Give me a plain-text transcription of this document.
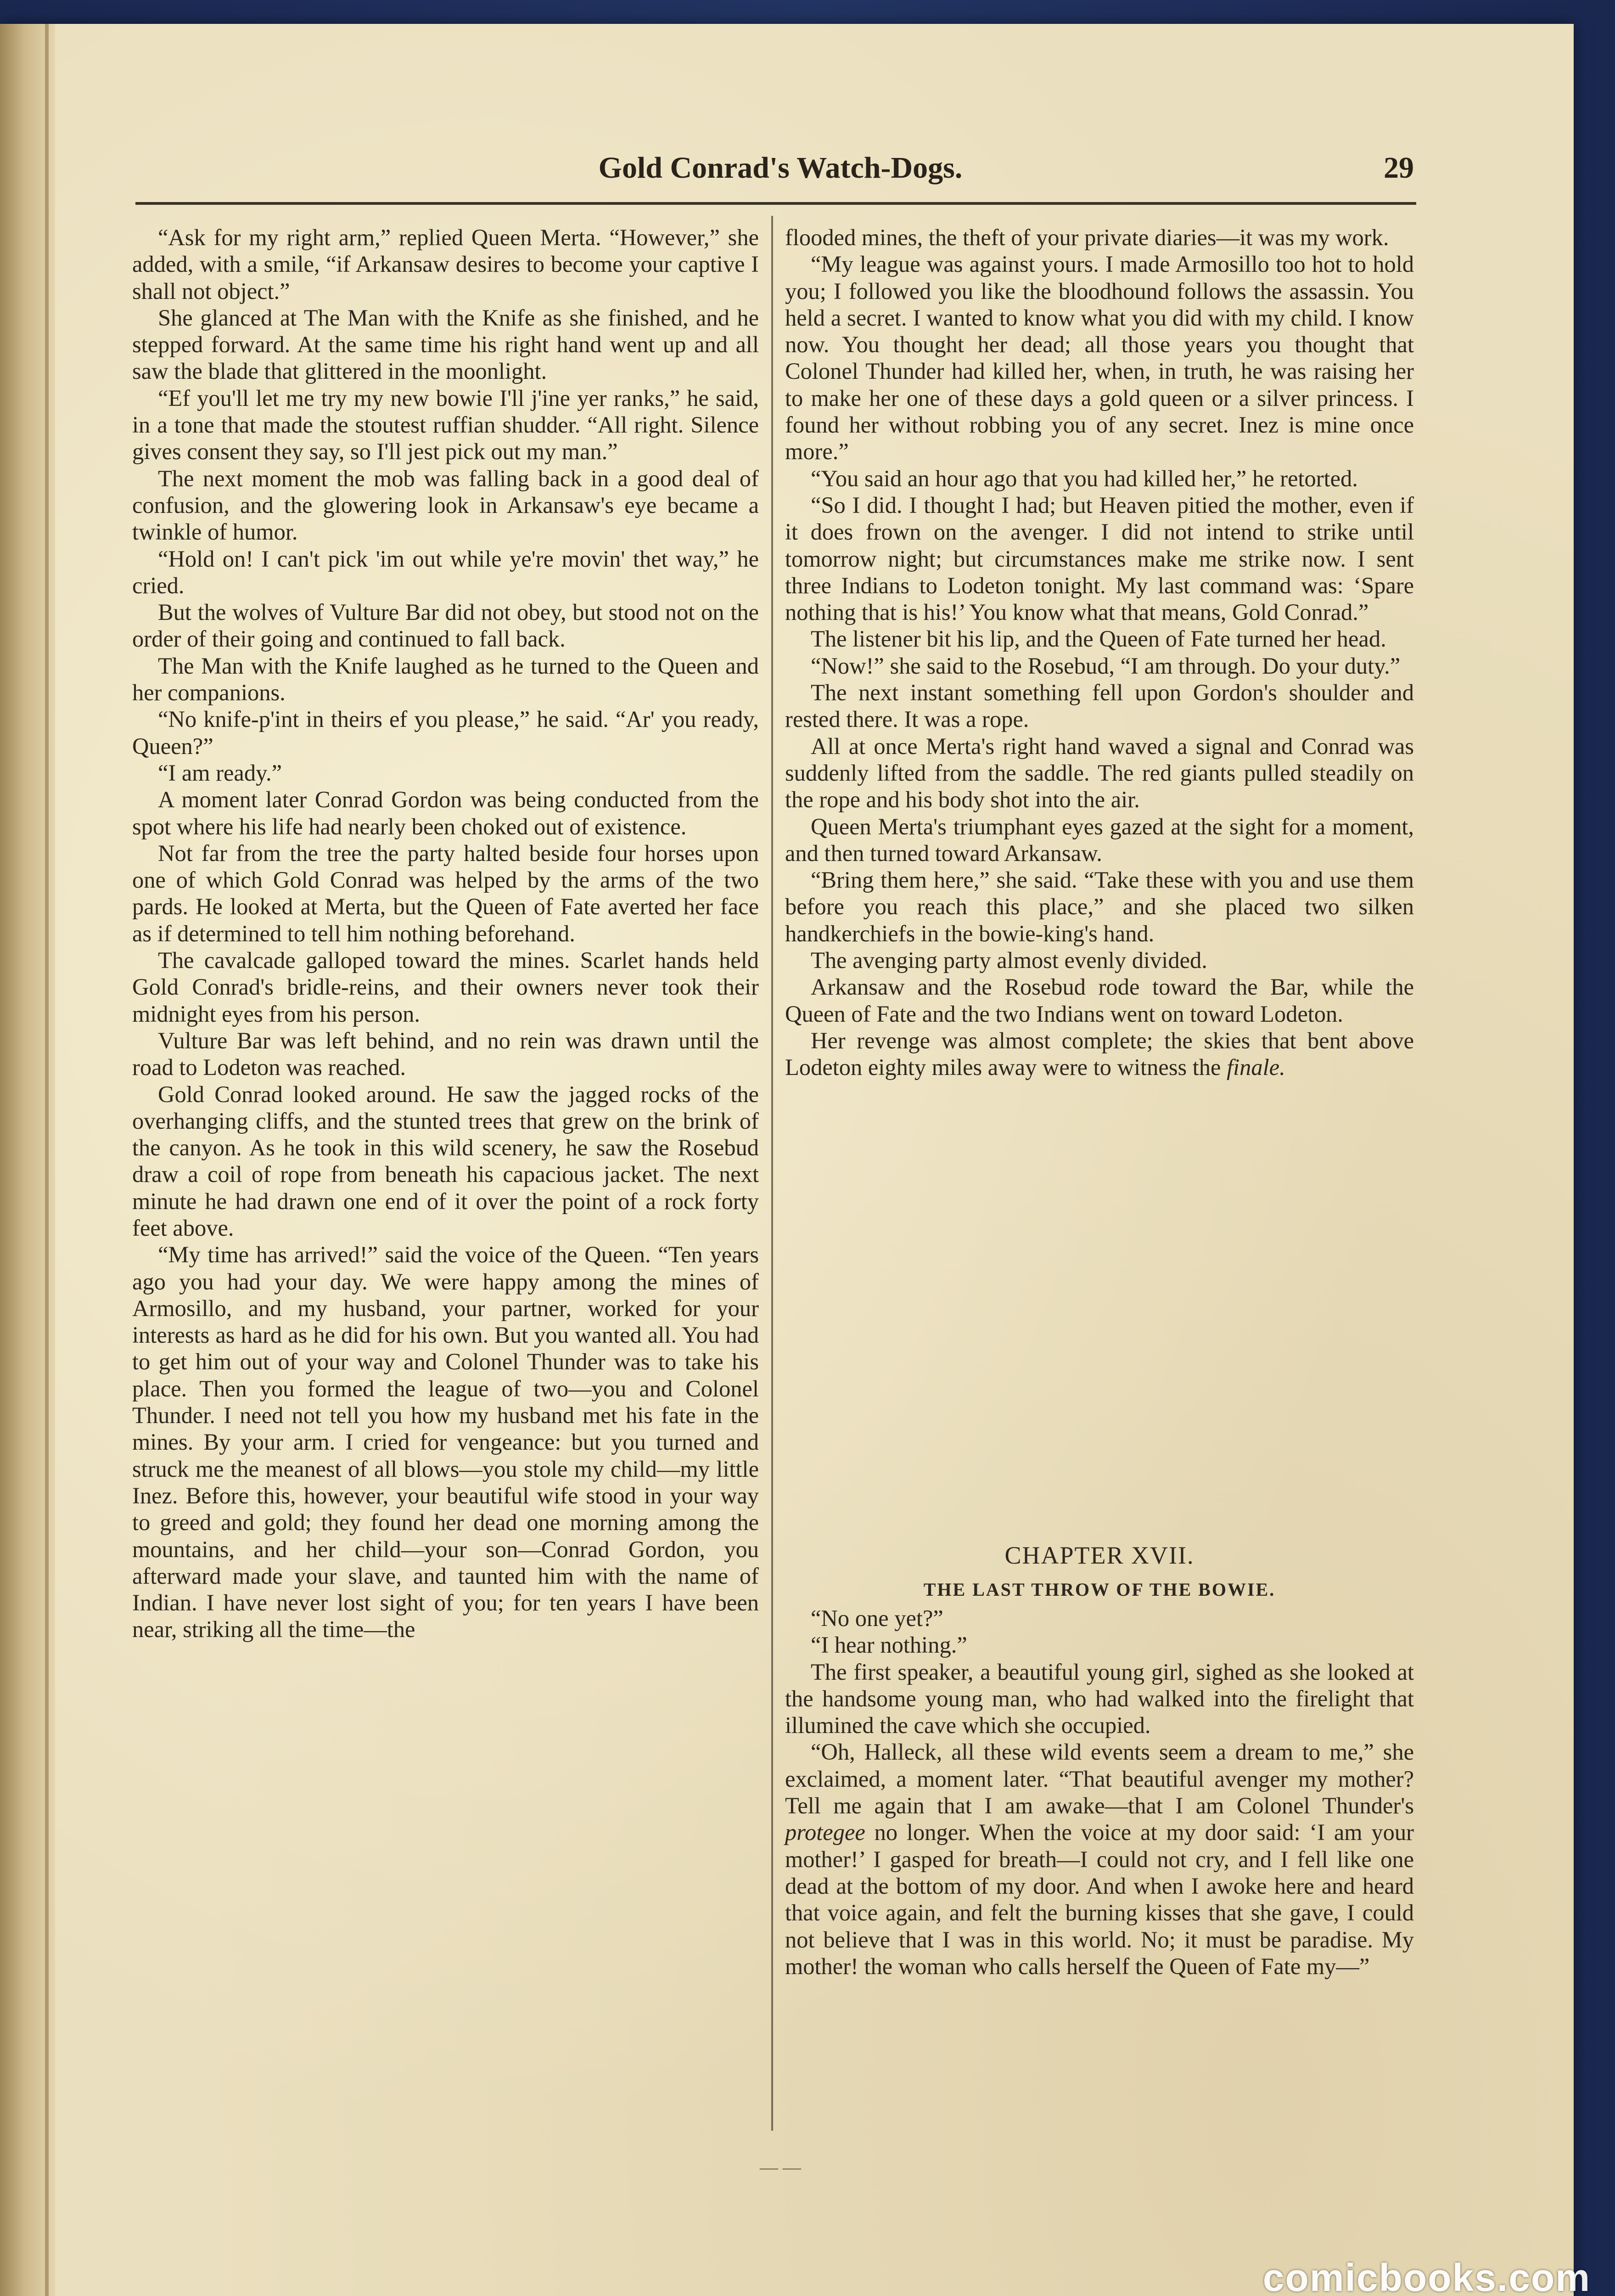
Gold Conrad's Watch-Dogs.	29

“Ask for my right arm,” replied Queen Merta. “However,” she added, with a smile, “if Arkansaw desires to become your captive I shall not object.”

She glanced at The Man with the Knife as she finished, and he stepped forward. At the same time his right hand went up and all saw the blade that glittered in the moonlight.

“Ef you'll let me try my new bowie I'll j'ine yer ranks,” he said, in a tone that made the stoutest ruffian shudder. “All right. Silence gives consent they say, so I'll jest pick out my man.”

The next moment the mob was falling back in a good deal of confusion, and the glowering look in Arkansaw's eye became a twinkle of humor.

“Hold on! I can't pick 'im out while ye're movin' thet way,” he cried.

But the wolves of Vulture Bar did not obey, but stood not on the order of their going and continued to fall back.

The Man with the Knife laughed as he turned to the Queen and her companions.

“No knife-p'int in theirs ef you please,” he said. “Ar' you ready, Queen?”

“I am ready.”

A moment later Conrad Gordon was being conducted from the spot where his life had nearly been choked out of existence.

Not far from the tree the party halted beside four horses upon one of which Gold Conrad was helped by the arms of the two pards. He looked at Merta, but the Queen of Fate averted her face as if determined to tell him nothing beforehand.

The cavalcade galloped toward the mines. Scarlet hands held Gold Conrad's bridle-reins, and their owners never took their midnight eyes from his person.

Vulture Bar was left behind, and no rein was drawn until the road to Lodeton was reached.

Gold Conrad looked around. He saw the jagged rocks of the overhanging cliffs, and the stunted trees that grew on the brink of the canyon. As he took in this wild scenery, he saw the Rosebud draw a coil of rope from beneath his capacious jacket. The next minute he had drawn one end of it over the point of a rock forty feet above.

“My time has arrived!” said the voice of the Queen. “Ten years ago you had your day. We were happy among the mines of Armosillo, and my husband, your partner, worked for your interests as hard as he did for his own. But you wanted all. You had to get him out of your way and Colonel Thunder was to take his place. Then you formed the league of two—you and Colonel Thunder. I need not tell you how my husband met his fate in the mines. By your arm. I cried for vengeance: but you turned and struck me the meanest of all blows—you stole my child—my little Inez. Before this, however, your beautiful wife stood in your way to greed and gold; they found her dead one morning among the mountains, and her child—your son—Conrad Gordon, you afterward made your slave, and taunted him with the name of Indian. I have never lost sight of you; for ten years I have been near, striking all the time—the

flooded mines, the theft of your private diaries—it was my work.

“My league was against yours. I made Armosillo too hot to hold you; I followed you like the bloodhound follows the assassin. You held a secret. I wanted to know what you did with my child. I know now. You thought her dead; all those years you thought that Colonel Thunder had killed her, when, in truth, he was raising her to make her one of these days a gold queen or a silver princess. I found her without robbing you of any secret. Inez is mine once more.”

“You said an hour ago that you had killed her,” he retorted.

“So I did. I thought I had; but Heaven pitied the mother, even if it does frown on the avenger. I did not intend to strike until tomorrow night; but circumstances make me strike now. I sent three Indians to Lodeton tonight. My last command was: ‘Spare nothing that is his!’ You know what that means, Gold Conrad.”

The listener bit his lip, and the Queen of Fate turned her head.

“Now!” she said to the Rosebud, “I am through. Do your duty.”

The next instant something fell upon Gordon's shoulder and rested there. It was a rope.

All at once Merta's right hand waved a signal and Conrad was suddenly lifted from the saddle. The red giants pulled steadily on the rope and his body shot into the air.

Queen Merta's triumphant eyes gazed at the sight for a moment, and then turned toward Arkansaw.

“Bring them here,” she said. “Take these with you and use them before you reach this place,” and she placed two silken handkerchiefs in the bowie-king's hand.

The avenging party almost evenly divided.

Arkansaw and the Rosebud rode toward the Bar, while the Queen of Fate and the two Indians went on toward Lodeton.

Her revenge was almost complete; the skies that bent above Lodeton eighty miles away were to witness the finale.

CHAPTER XVII.
THE LAST THROW OF THE BOWIE.

“No one yet?”

“I hear nothing.”

The first speaker, a beautiful young girl, sighed as she looked at the handsome young man, who had walked into the firelight that illumined the cave which she occupied.

“Oh, Halleck, all these wild events seem a dream to me,” she exclaimed, a moment later. “That beautiful avenger my mother? Tell me again that I am awake—that I am Colonel Thunder's protegee no longer. When the voice at my door said: ‘I am your mother!’ I gasped for breath—I could not cry, and I fell like one dead at the bottom of my door. And when I awoke here and heard that voice again, and felt the burning kisses that she gave, I could not believe that I was in this world. No; it must be paradise. My mother! the woman who calls herself the Queen of Fate my—”

— —
comicbooks.com
